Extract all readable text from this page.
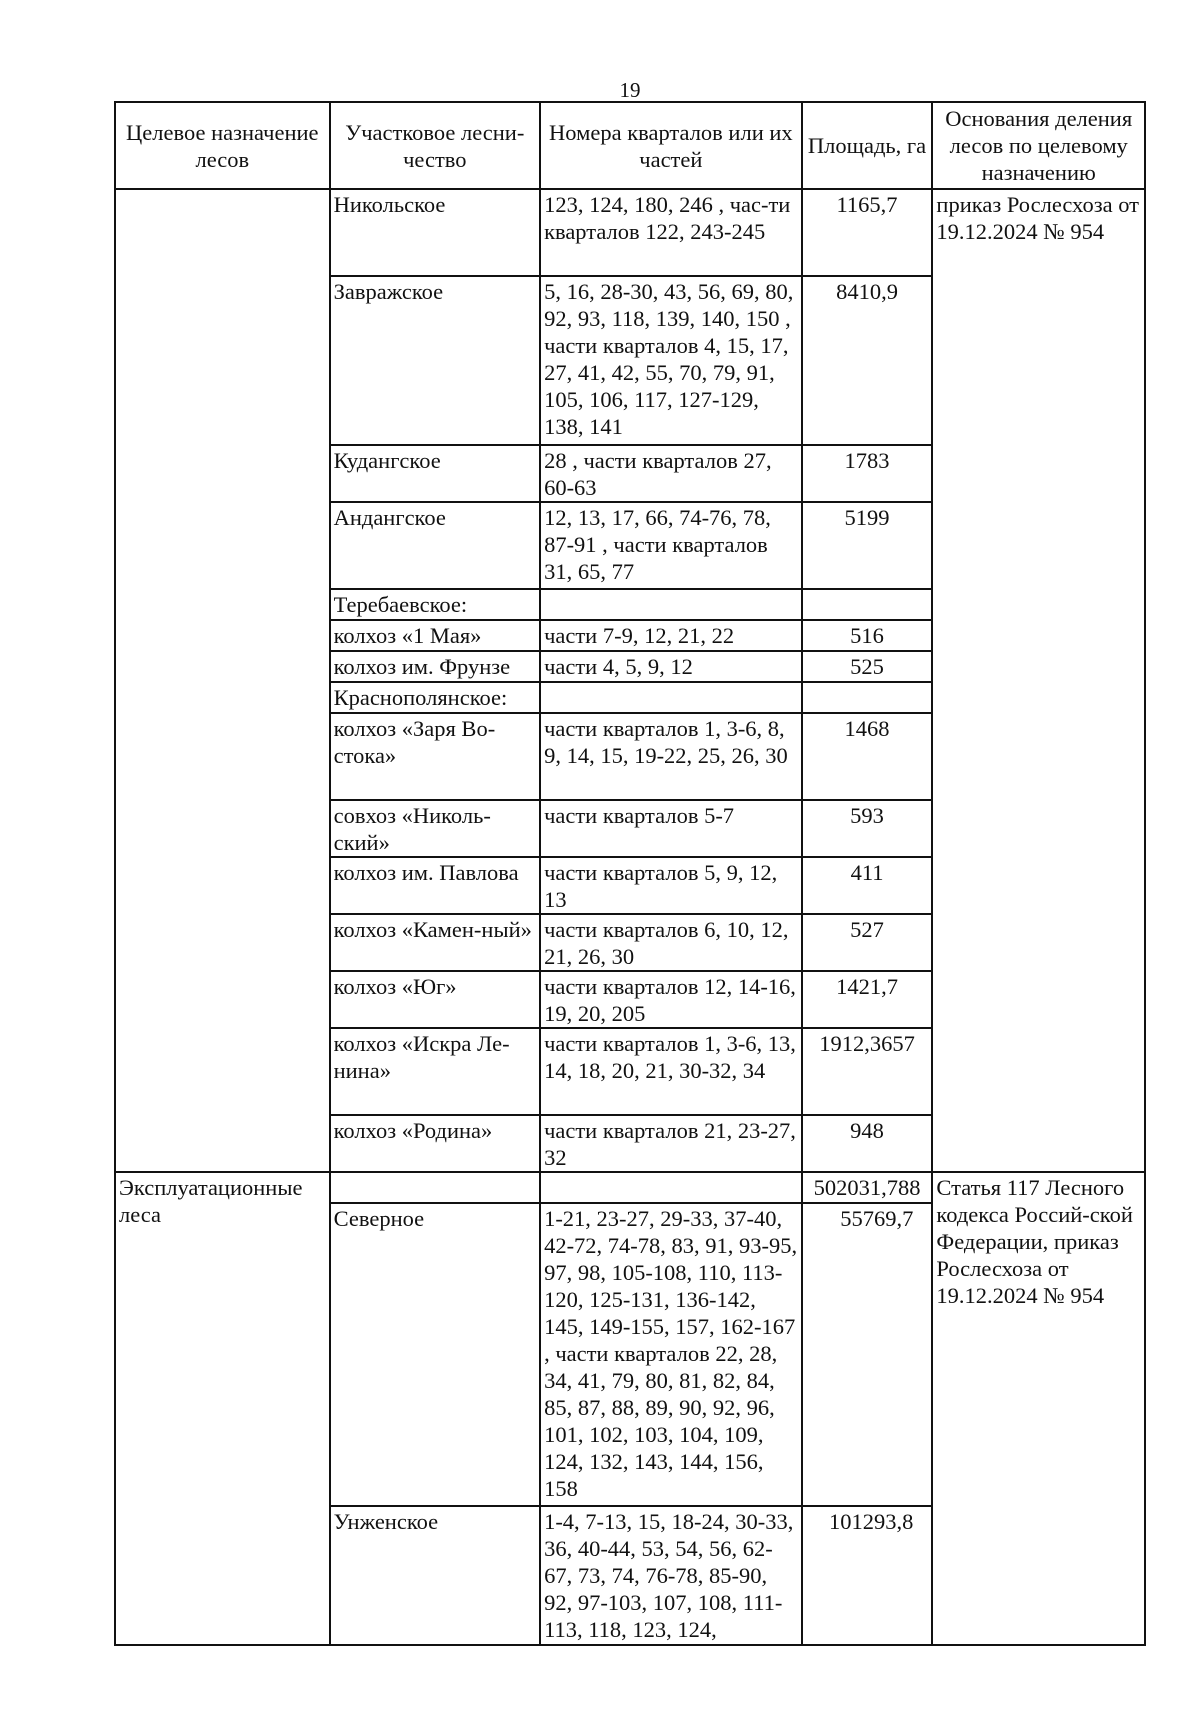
19
Целевое назначение лесов	Участковое лесни-чество	Номера кварталов или их частей	Площадь, га	Основания деления лесов по целевому назначению
	Никольское	123, 124, 180, 246 , час-ти кварталов 122, 243-245	1165,7	приказ Рослесхоза от 19.12.2024 № 954
	Завражское	5, 16, 28-30, 43, 56, 69, 80, 92, 93, 118, 139, 140, 150 , части кварталов 4, 15, 17, 27, 41, 42, 55, 70, 79, 91, 105, 106, 117, 127-129, 138, 141	8410,9	
	Кудангское	28 , части кварталов 27, 60-63	1783	
	Андангское	12, 13, 17, 66, 74-76, 78, 87-91 , части кварталов 31, 65, 77	5199	
	Теребаевское:			
	колхоз «1 Мая»	части 7-9, 12, 21, 22	516	
	колхоз им. Фрунзе	части 4, 5, 9, 12	525	
	Краснополянское:			
	колхоз «Заря Во-стока»	части кварталов 1, 3-6, 8, 9, 14, 15, 19-22, 25, 26, 30	1468	
	совхоз «Николь-ский»	части кварталов 5-7	593	
	колхоз им. Павлова	части кварталов 5, 9, 12, 13	411	
	колхоз «Камен-ный»	части кварталов 6, 10, 12, 21, 26, 30	527	
	колхоз «Юг»	части кварталов 12, 14-16, 19, 20, 205	1421,7	
	колхоз «Искра Ле-нина»	части кварталов 1, 3-6, 13, 14, 18, 20, 21, 30-32, 34	1912,3657	
	колхоз «Родина»	части кварталов 21, 23-27, 32	948	
Эксплуатационные леса			502031,788	Статья 117 Лесного кодекса Россий-ской Федерации, приказ Рослесхоза от 19.12.2024 № 954
	Северное	1-21, 23-27, 29-33, 37-40, 42-72, 74-78, 83, 91, 93-95, 97, 98, 105-108, 110, 113-120, 125-131, 136-142, 145, 149-155, 157, 162-167 , части кварталов 22, 28, 34, 41, 79, 80, 81, 82, 84, 85, 87, 88, 89, 90, 92, 96, 101, 102, 103, 104, 109, 124, 132, 143, 144, 156, 158	55769,7	
	Унженское	1-4, 7-13, 15, 18-24, 30-33, 36, 40-44, 53, 54, 56, 62-67, 73, 74, 76-78, 85-90, 92, 97-103, 107, 108, 111-113, 118, 123, 124,	101293,8	
